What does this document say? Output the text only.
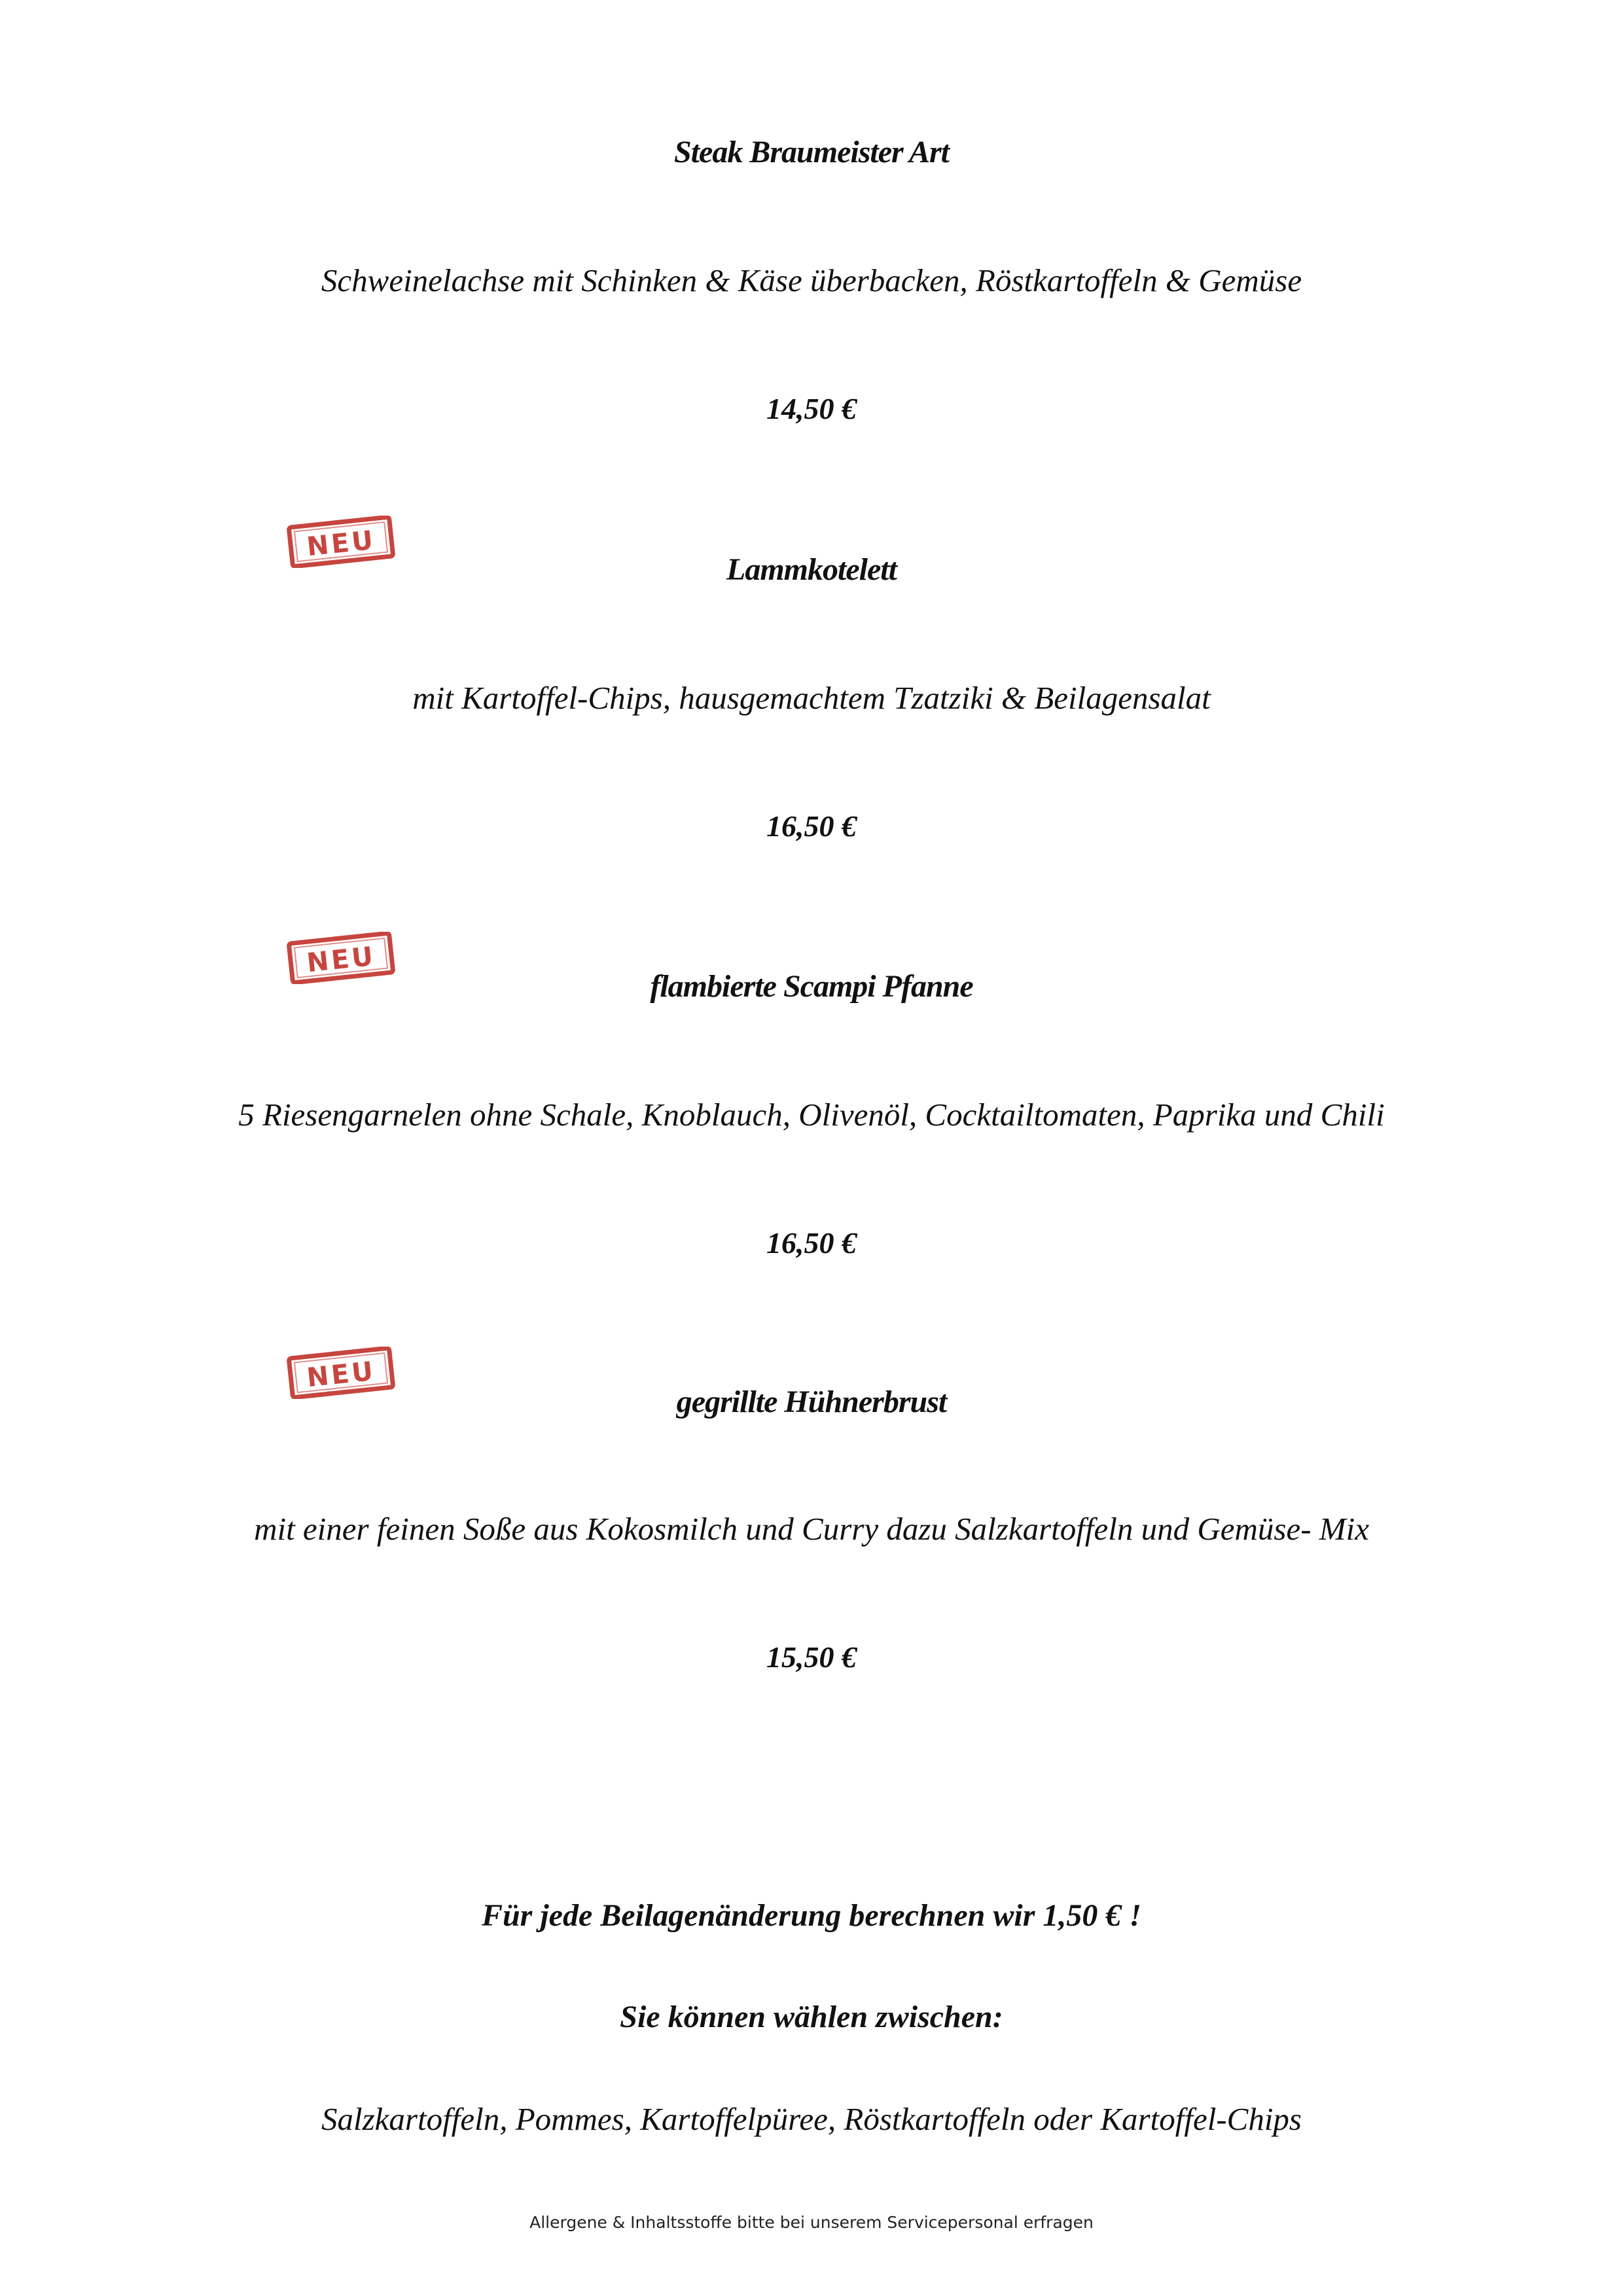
Steak Braumeister Art
Schweinelachse mit Schinken & Käse überbacken, Röstkartoffeln & Gemüse
14,50 €
NEU
Lammkotelett
mit Kartoffel-Chips, hausgemachtem Tzatziki & Beilagensalat
16,50 €
NEU
flambierte Scampi Pfanne
5 Riesengarnelen ohne Schale, Knoblauch, Olivenöl, Cocktailtomaten, Paprika und Chili
16,50 €
NEU
gegrillte Hühnerbrust
mit einer feinen Soße aus Kokosmilch und Curry dazu Salzkartoffeln und Gemüse- Mix
15,50 €
Für jede Beilagenänderung berechnen wir 1,50 € !
Sie können wählen zwischen:
Salzkartoffeln, Pommes, Kartoffelpüree, Röstkartoffeln oder Kartoffel-Chips
Allergene & Inhaltsstoffe bitte bei unserem Servicepersonal erfragen
